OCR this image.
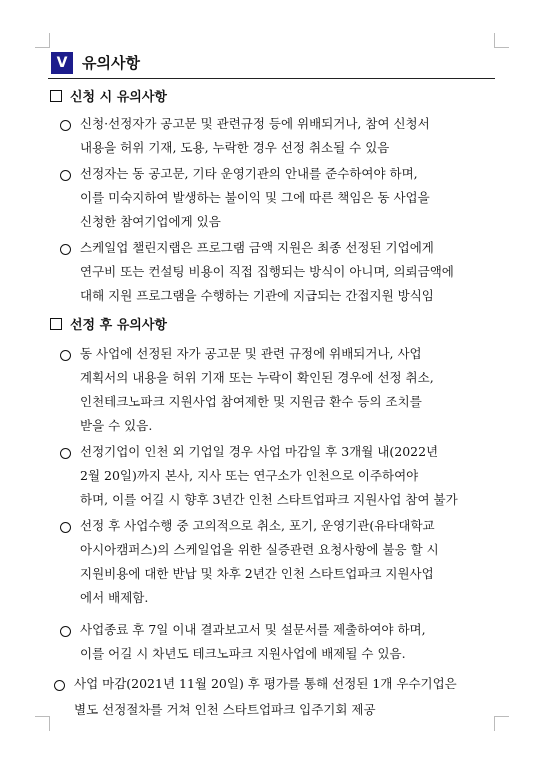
V 유의사항
신청 시 유의사항
신청·선정자가 공고문 및 관련규정 등에 위배되거나, 참여 신청서
내용을 허위 기재, 도용, 누락한 경우 선정 취소될 수 있음
선정자는 동 공고문, 기타 운영기관의 안내를 준수하여야 하며,
이를 미숙지하여 발생하는 불이익 및 그에 따른 책임은 동 사업을
신청한 참여기업에게 있음
스케일업 챌린지랩은 프로그램 금액 지원은 최종 선정된 기업에게
연구비 또는 컨설팅 비용이 직접 집행되는 방식이 아니며, 의뢰금액에
대해 지원 프로그램을 수행하는 기관에 지급되는 간접지원 방식임
선정 후 유의사항
동 사업에 선정된 자가 공고문 및 관련 규정에 위배되거나, 사업
계획서의 내용을 허위 기재 또는 누락이 확인된 경우에 선정 취소,
인천테크노파크 지원사업 참여제한 및 지원금 환수 등의 조치를
받을 수 있음.
선정기업이 인천 외 기업일 경우 사업 마감일 후 3개월 내(2022년
2월 20일)까지 본사, 지사 또는 연구소가 인천으로 이주하여야
하며, 이를 어길 시 향후 3년간 인천 스타트업파크 지원사업 참여 불가
선정 후 사업수행 중 고의적으로 취소, 포기, 운영기관(유타대학교
아시아캠퍼스)의 스케일업을 위한 실증관련 요청사항에 불응 할 시
지원비용에 대한 반납 및 차후 2년간 인천 스타트업파크 지원사업
에서 배제함.
사업종료 후 7일 이내 결과보고서 및 설문서를 제출하여야 하며,
이를 어길 시 차년도 테크노파크 지원사업에 배제될 수 있음.
사업 마감(2021년 11월 20일) 후 평가를 통해 선정된 1개 우수기업은
별도 선정절차를 거쳐 인천 스타트업파크 입주기회 제공
